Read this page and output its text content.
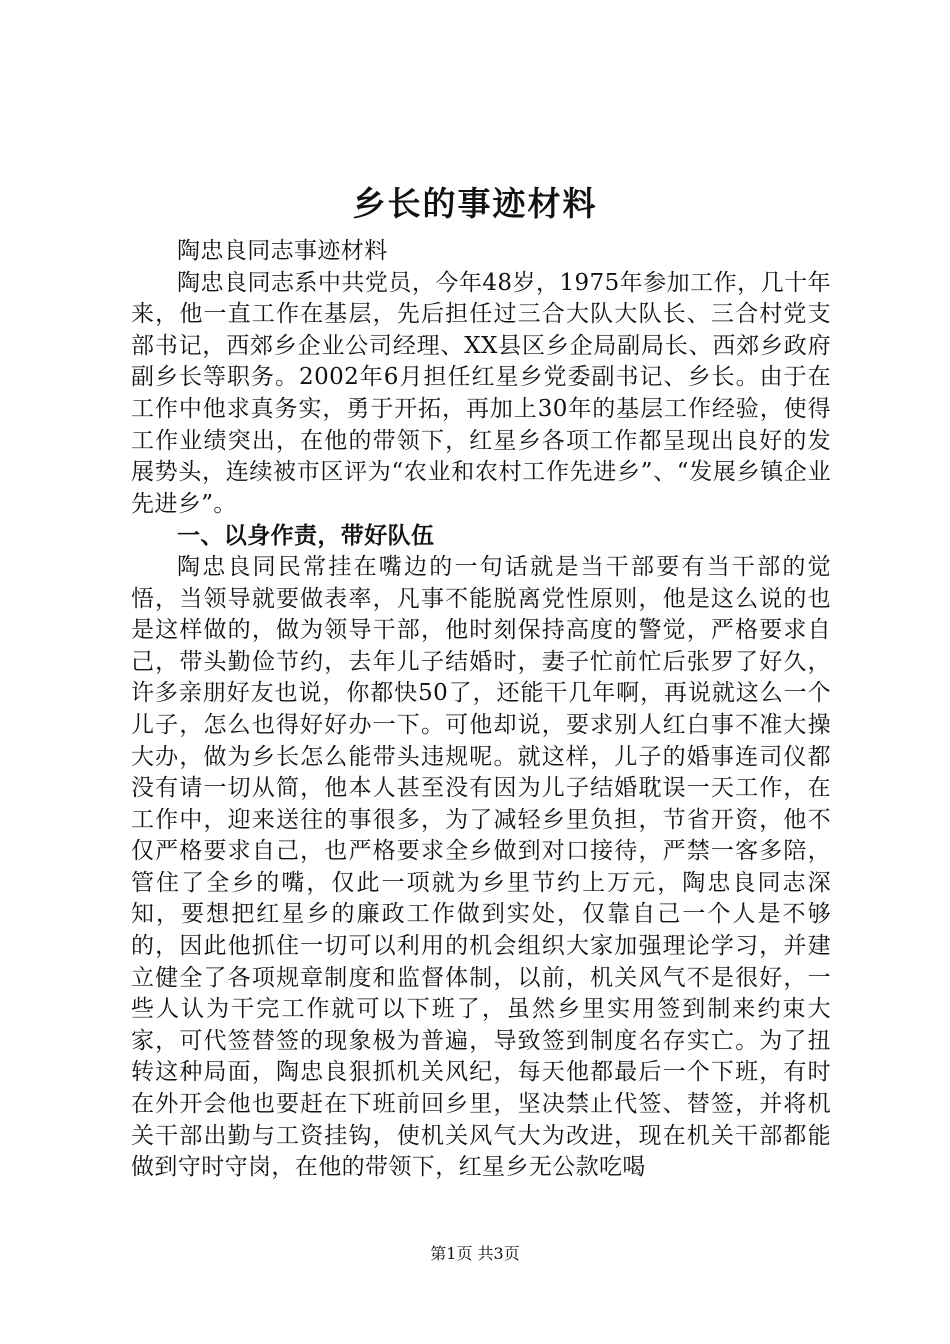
乡长的事迹材料

陶忠良同志事迹材料

陶忠良同志系中共党员，今年48岁，1975年参加工作，几十年来，他一直工作在基层，先后担任过三合大队大队长、三合村党支部书记，西郊乡企业公司经理、XX县区乡企局副局长、西郊乡政府副乡长等职务。2002年6月担任红星乡党委副书记、乡长。由于在工作中他求真务实，勇于开拓，再加上30年的基层工作经验，使得工作业绩突出，在他的带领下，红星乡各项工作都呈现出良好的发展势头，连续被市区评为“农业和农村工作先进乡”、“发展乡镇企业先进乡”。

一、以身作责，带好队伍

陶忠良同民常挂在嘴边的一句话就是当干部要有当干部的觉悟，当领导就要做表率，凡事不能脱离党性原则，他是这么说的也是这样做的，做为领导干部，他时刻保持高度的警觉，严格要求自己，带头勤俭节约，去年儿子结婚时，妻子忙前忙后张罗了好久，许多亲朋好友也说，你都快50了，还能干几年啊，再说就这么一个儿子，怎么也得好好办一下。可他却说，要求别人红白事不准大操大办，做为乡长怎么能带头违规呢。就这样，儿子的婚事连司仪都没有请一切从简，他本人甚至没有因为儿子结婚耽误一天工作，在工作中，迎来送往的事很多，为了减轻乡里负担，节省开资，他不仅严格要求自己，也严格要求全乡做到对口接待，严禁一客多陪，管住了全乡的嘴，仅此一项就为乡里节约上万元，陶忠良同志深知，要想把红星乡的廉政工作做到实处，仅靠自己一个人是不够的，因此他抓住一切可以利用的机会组织大家加强理论学习，并建立健全了各项规章制度和监督体制，以前，机关风气不是很好，一些人认为干完工作就可以下班了，虽然乡里实用签到制来约束大家，可代签替签的现象极为普遍，导致签到制度名存实亡。为了扭转这种局面，陶忠良狠抓机关风纪，每天他都最后一个下班，有时在外开会他也要赶在下班前回乡里，坚决禁止代签、替签，并将机关干部出勤与工资挂钩，使机关风气大为改进，现在机关干部都能做到守时守岗，在他的带领下，红星乡无公款吃喝

第1页 共3页
